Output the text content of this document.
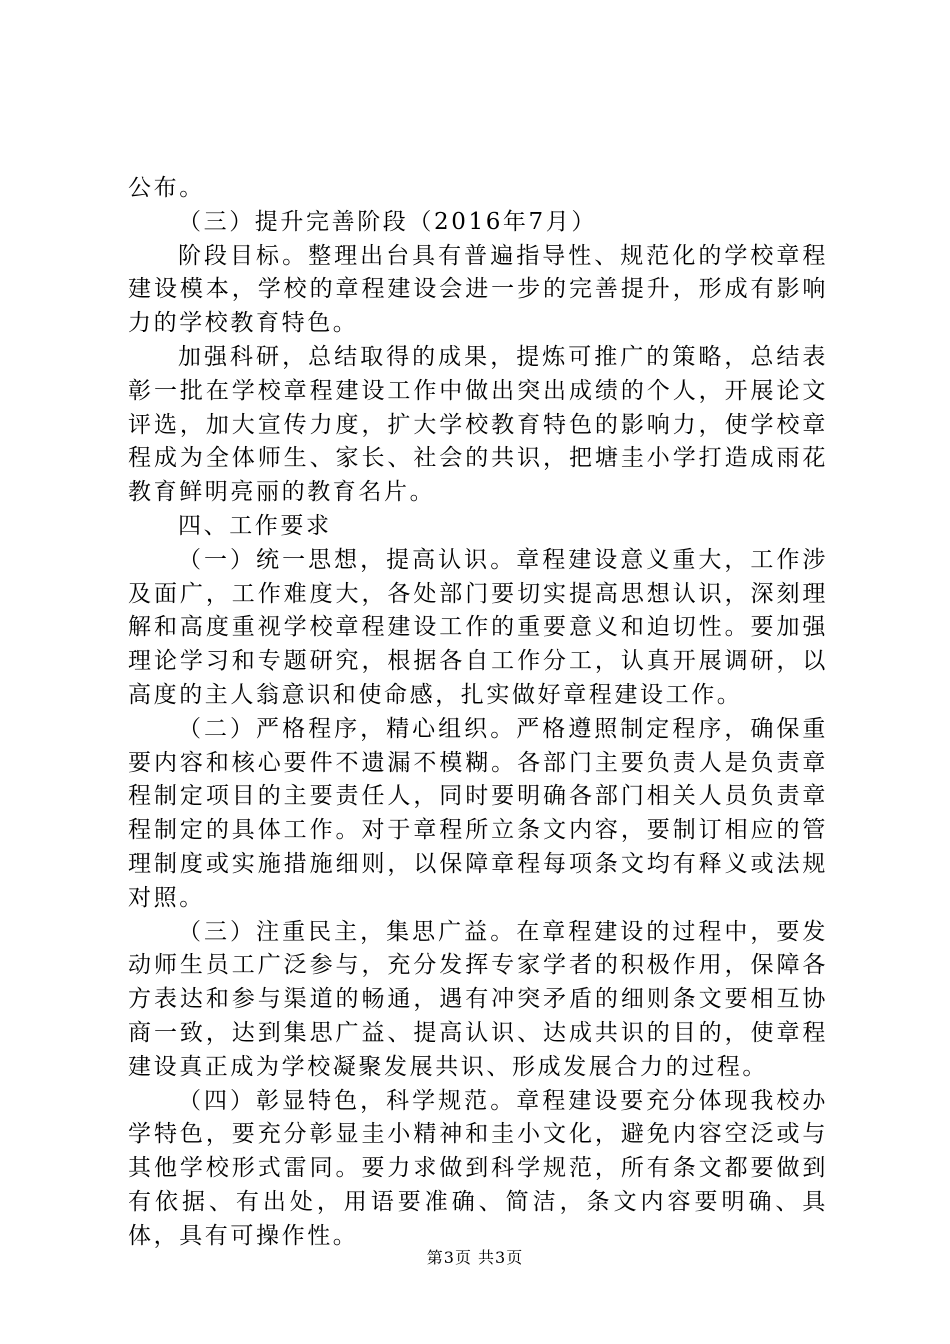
公布。

（三）提升完善阶段（2016年7月）

阶段目标。整理出台具有普遍指导性、规范化的学校章程建设模本，学校的章程建设会进一步的完善提升，形成有影响力的学校教育特色。

加强科研，总结取得的成果，提炼可推广的策略，总结表彰一批在学校章程建设工作中做出突出成绩的个人，开展论文评选，加大宣传力度，扩大学校教育特色的影响力，使学校章程成为全体师生、家长、社会的共识，把塘圭小学打造成雨花教育鲜明亮丽的教育名片。

四、工作要求

（一）统一思想，提高认识。章程建设意义重大，工作涉及面广，工作难度大，各处部门要切实提高思想认识，深刻理解和高度重视学校章程建设工作的重要意义和迫切性。要加强理论学习和专题研究，根据各自工作分工，认真开展调研，以高度的主人翁意识和使命感，扎实做好章程建设工作。

（二）严格程序，精心组织。严格遵照制定程序，确保重要内容和核心要件不遗漏不模糊。各部门主要负责人是负责章程制定项目的主要责任人，同时要明确各部门相关人员负责章程制定的具体工作。对于章程所立条文内容，要制订相应的管理制度或实施措施细则，以保障章程每项条文均有释义或法规对照。

（三）注重民主，集思广益。在章程建设的过程中，要发动师生员工广泛参与，充分发挥专家学者的积极作用，保障各方表达和参与渠道的畅通，遇有冲突矛盾的细则条文要相互协商一致，达到集思广益、提高认识、达成共识的目的，使章程建设真正成为学校凝聚发展共识、形成发展合力的过程。

（四）彰显特色，科学规范。章程建设要充分体现我校办学特色，要充分彰显圭小精神和圭小文化，避免内容空泛或与其他学校形式雷同。要力求做到科学规范，所有条文都要做到有依据、有出处，用语要准确、简洁，条文内容要明确、具体，具有可操作性。

第3页 共3页
